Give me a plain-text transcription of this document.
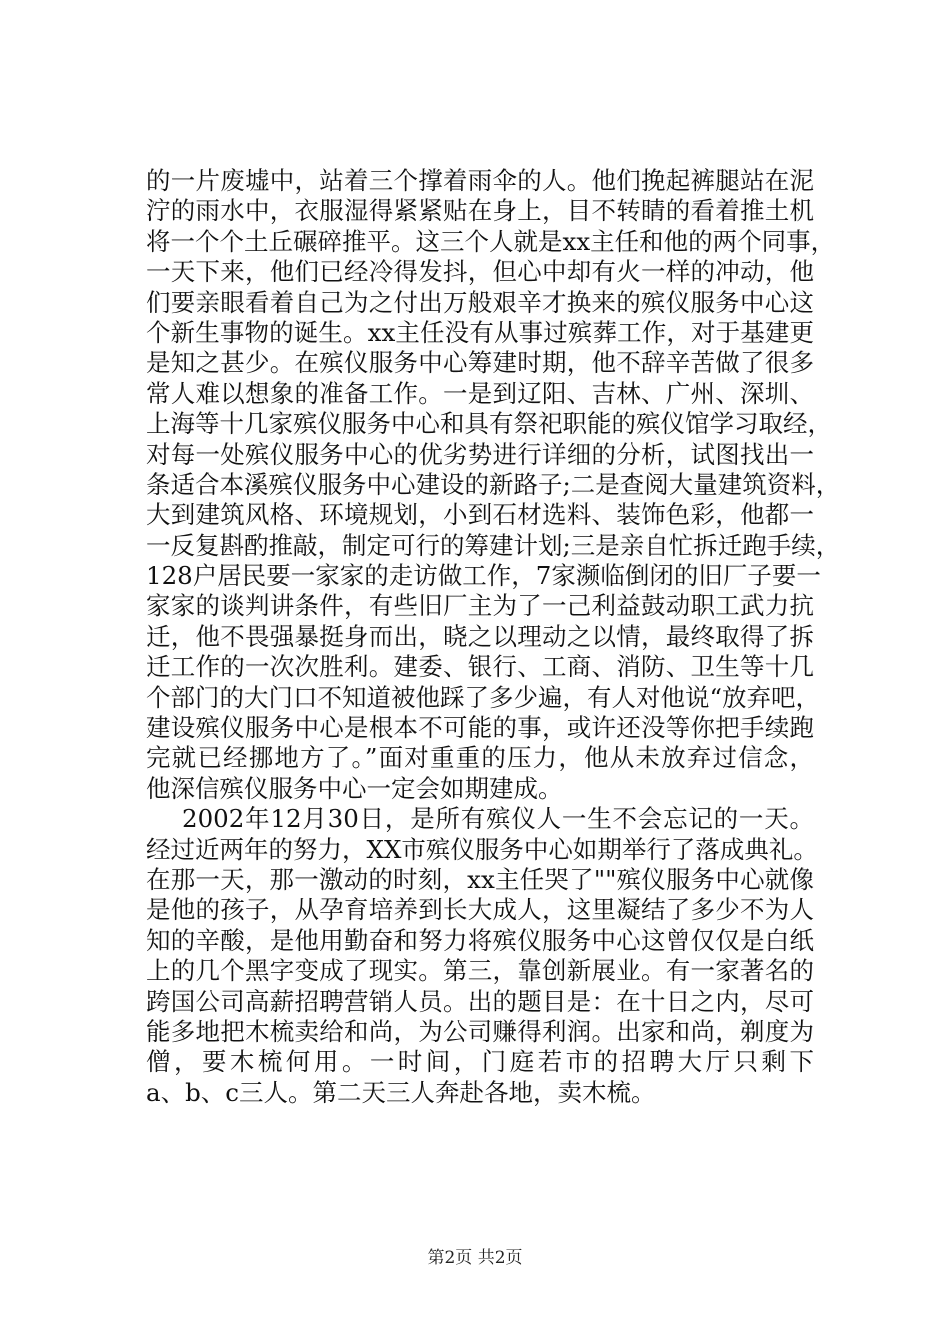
的一片废墟中，站着三个撑着雨伞的人。他们挽起裤腿站在泥
泞的雨水中，衣服湿得紧紧贴在身上，目不转睛的看着推土机
将一个个土丘碾碎推平。这三个人就是xx主任和他的两个同事，
一天下来，他们已经冷得发抖，但心中却有火一样的冲动，他
们要亲眼看着自己为之付出万般艰辛才换来的殡仪服务中心这
个新生事物的诞生。xx主任没有从事过殡葬工作，对于基建更
是知之甚少。在殡仪服务中心筹建时期，他不辞辛苦做了很多
常人难以想象的准备工作。一是到辽阳、吉林、广州、深圳、
上海等十几家殡仪服务中心和具有祭祀职能的殡仪馆学习取经，
对每一处殡仪服务中心的优劣势进行详细的分析，试图找出一
条适合本溪殡仪服务中心建设的新路子;二是查阅大量建筑资料，
大到建筑风格、环境规划，小到石材选料、装饰色彩，他都一
一反复斟酌推敲，制定可行的筹建计划;三是亲自忙拆迁跑手续，
128户居民要一家家的走访做工作，7家濒临倒闭的旧厂子要一
家家的谈判讲条件，有些旧厂主为了一己利益鼓动职工武力抗
迁，他不畏强暴挺身而出，晓之以理动之以情，最终取得了拆
迁工作的一次次胜利。建委、银行、工商、消防、卫生等十几
个部门的大门口不知道被他踩了多少遍，有人对他说“放弃吧，
建设殡仪服务中心是根本不可能的事，或许还没等你把手续跑
完就已经挪地方了。”面对重重的压力，他从未放弃过信念，
他深信殡仪服务中心一定会如期建成。
2002年12月30日，是所有殡仪人一生不会忘记的一天。
经过近两年的努力，XX市殡仪服务中心如期举行了落成典礼。
在那一天，那一激动的时刻，xx主任哭了""殡仪服务中心就像
是他的孩子，从孕育培养到长大成人，这里凝结了多少不为人
知的辛酸，是他用勤奋和努力将殡仪服务中心这曾仅仅是白纸
上的几个黑字变成了现实。第三，靠创新展业。有一家著名的
跨国公司高薪招聘营销人员。出的题目是：在十日之内，尽可
能多地把木梳卖给和尚，为公司赚得利润。出家和尚，剃度为
僧，要木梳何用。一时间，门庭若市的招聘大厅只剩下
a、b、c三人。第二天三人奔赴各地，卖木梳。
第2页 共2页
